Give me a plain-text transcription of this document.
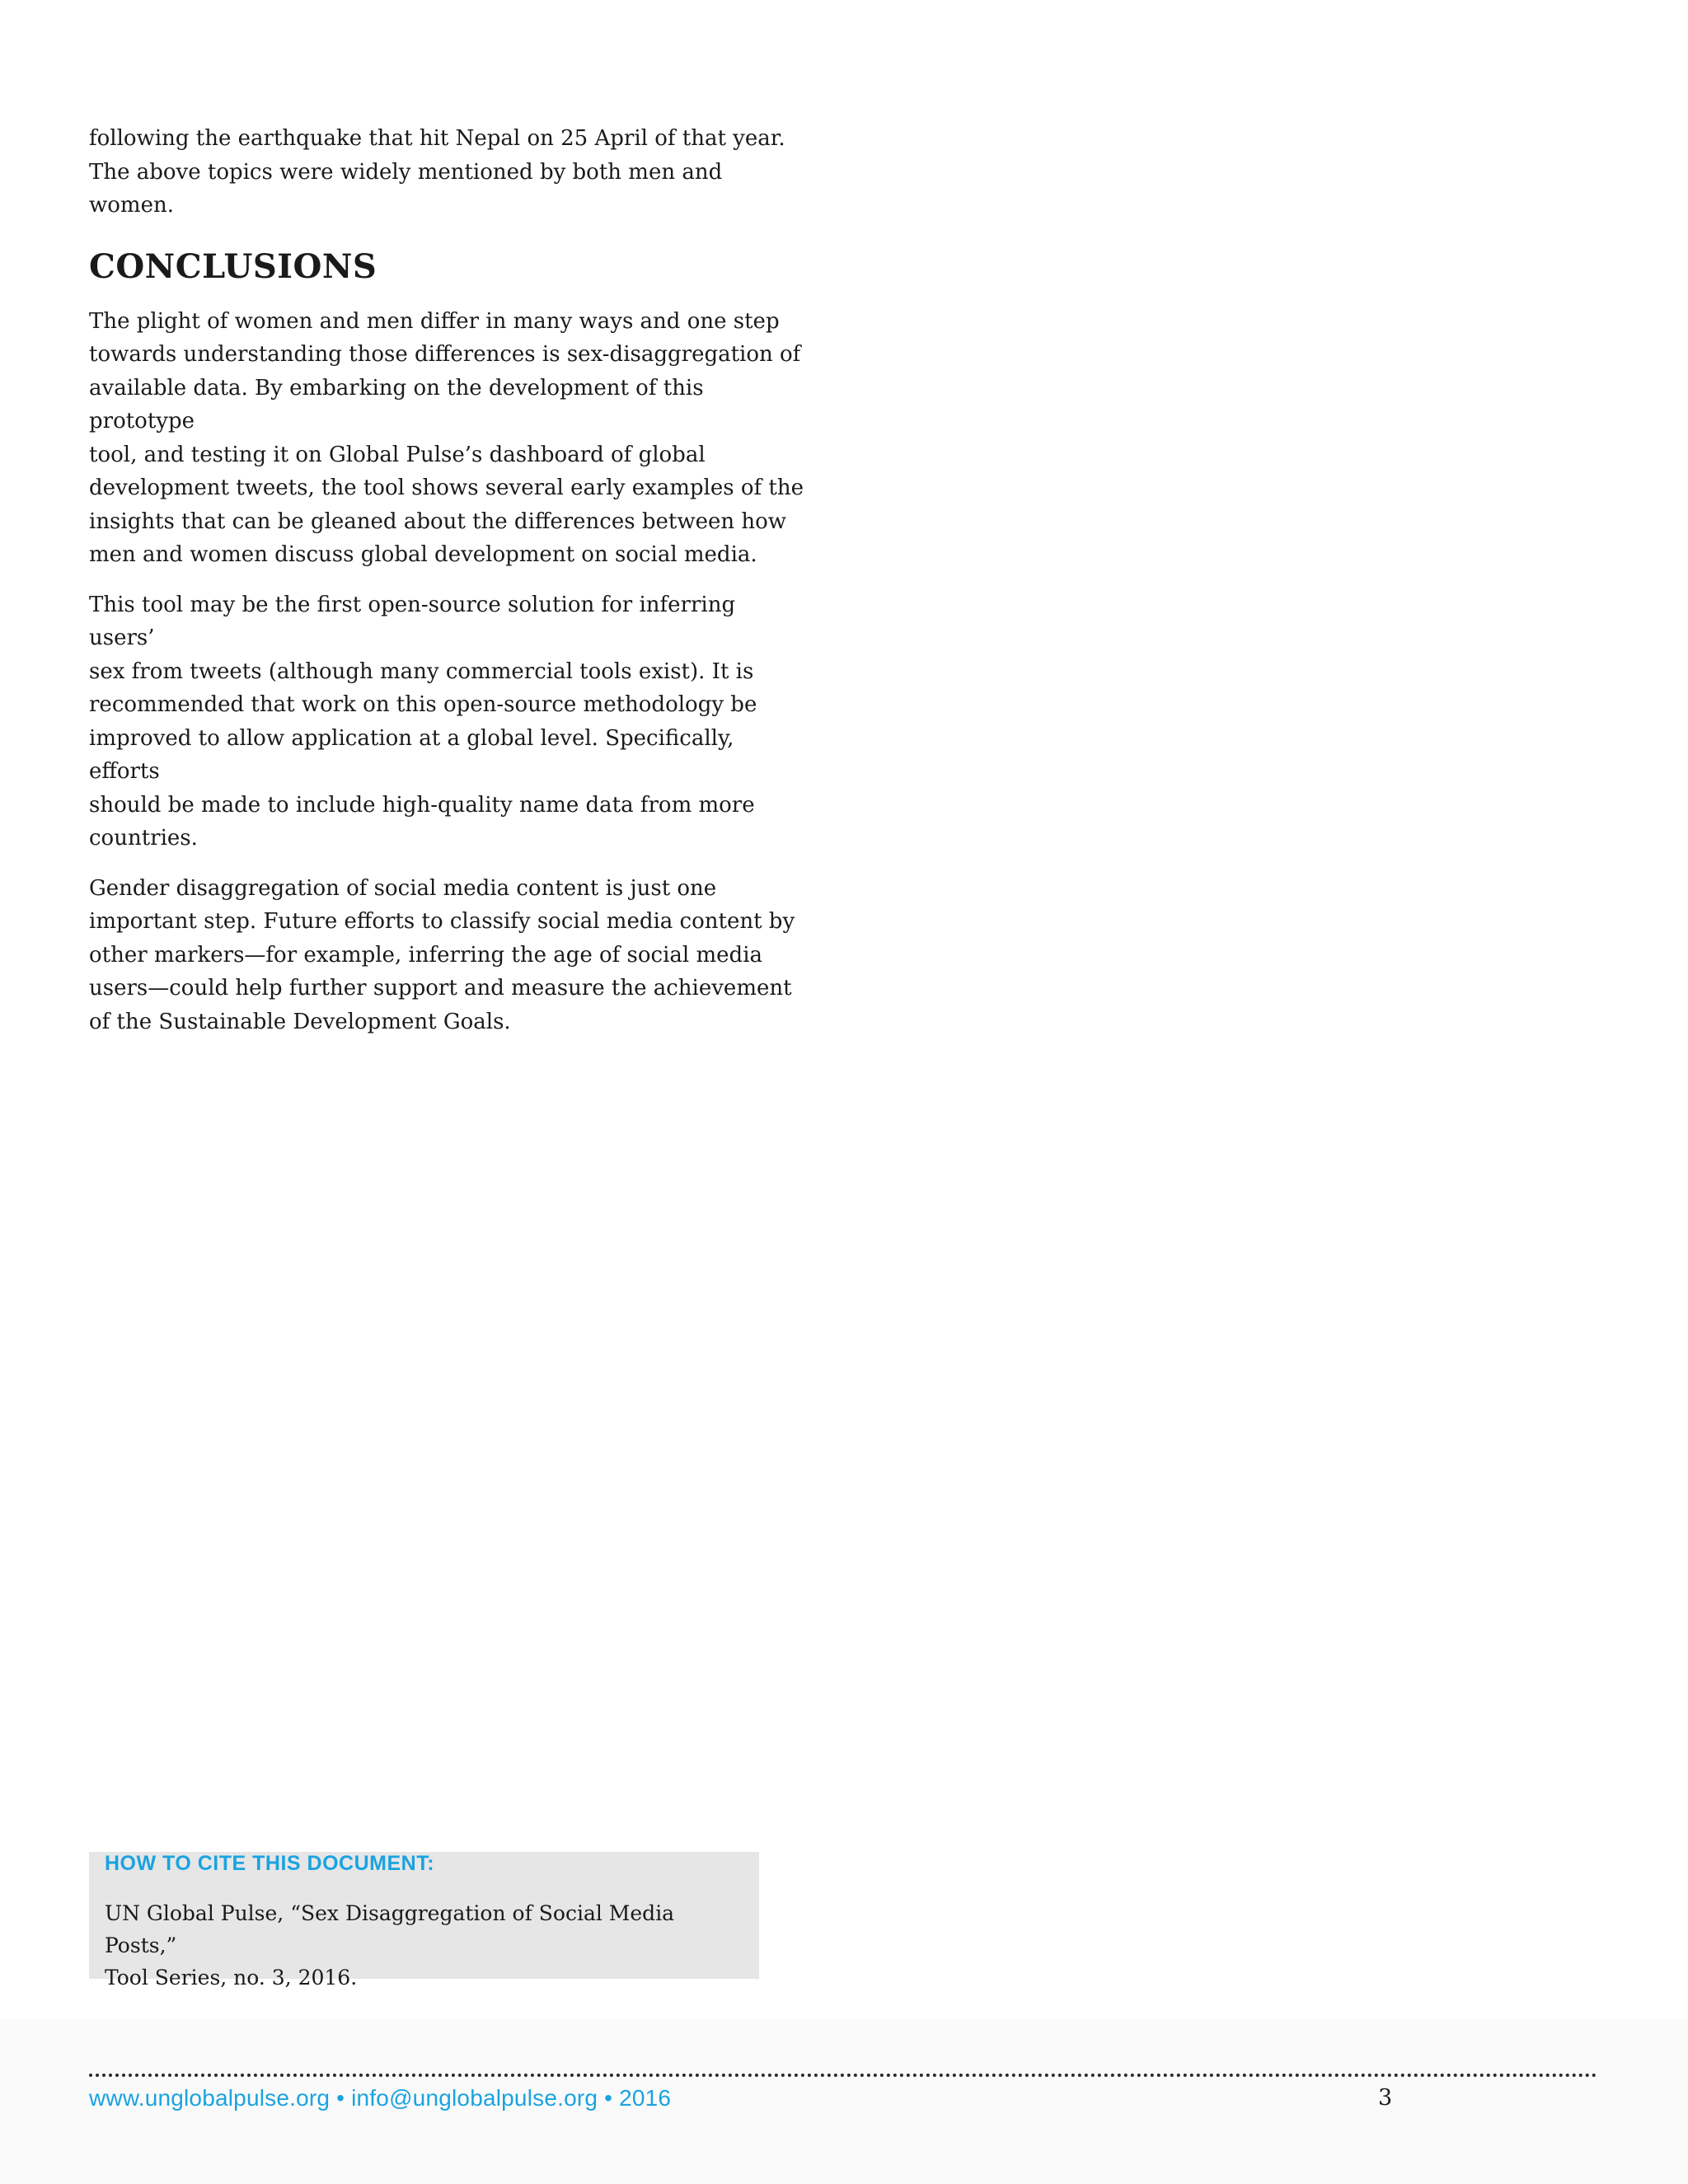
following the earthquake that hit Nepal on 25 April of that year.
The above topics were widely mentioned by both men and
women.

CONCLUSIONS

The plight of women and men differ in many ways and one step
towards understanding those differences is sex-disaggregation of
available data. By embarking on the development of this prototype
tool, and testing it on Global Pulse’s dashboard of global
development tweets, the tool shows several early examples of the
insights that can be gleaned about the differences between how
men and women discuss global development on social media.

This tool may be the first open-source solution for inferring users’
sex from tweets (although many commercial tools exist). It is
recommended that work on this open-source methodology be
improved to allow application at a global level. Specifically, efforts
should be made to include high-quality name data from more
countries.

Gender disaggregation of social media content is just one
important step. Future efforts to classify social media content by
other markers—for example, inferring the age of social media
users—could help further support and measure the achievement
of the Sustainable Development Goals.

HOW TO CITE THIS DOCUMENT:
UN Global Pulse, “Sex Disaggregation of Social Media Posts,”
Tool Series, no. 3, 2016.
www.unglobalpulse.org • info@unglobalpulse.org • 2016	3
